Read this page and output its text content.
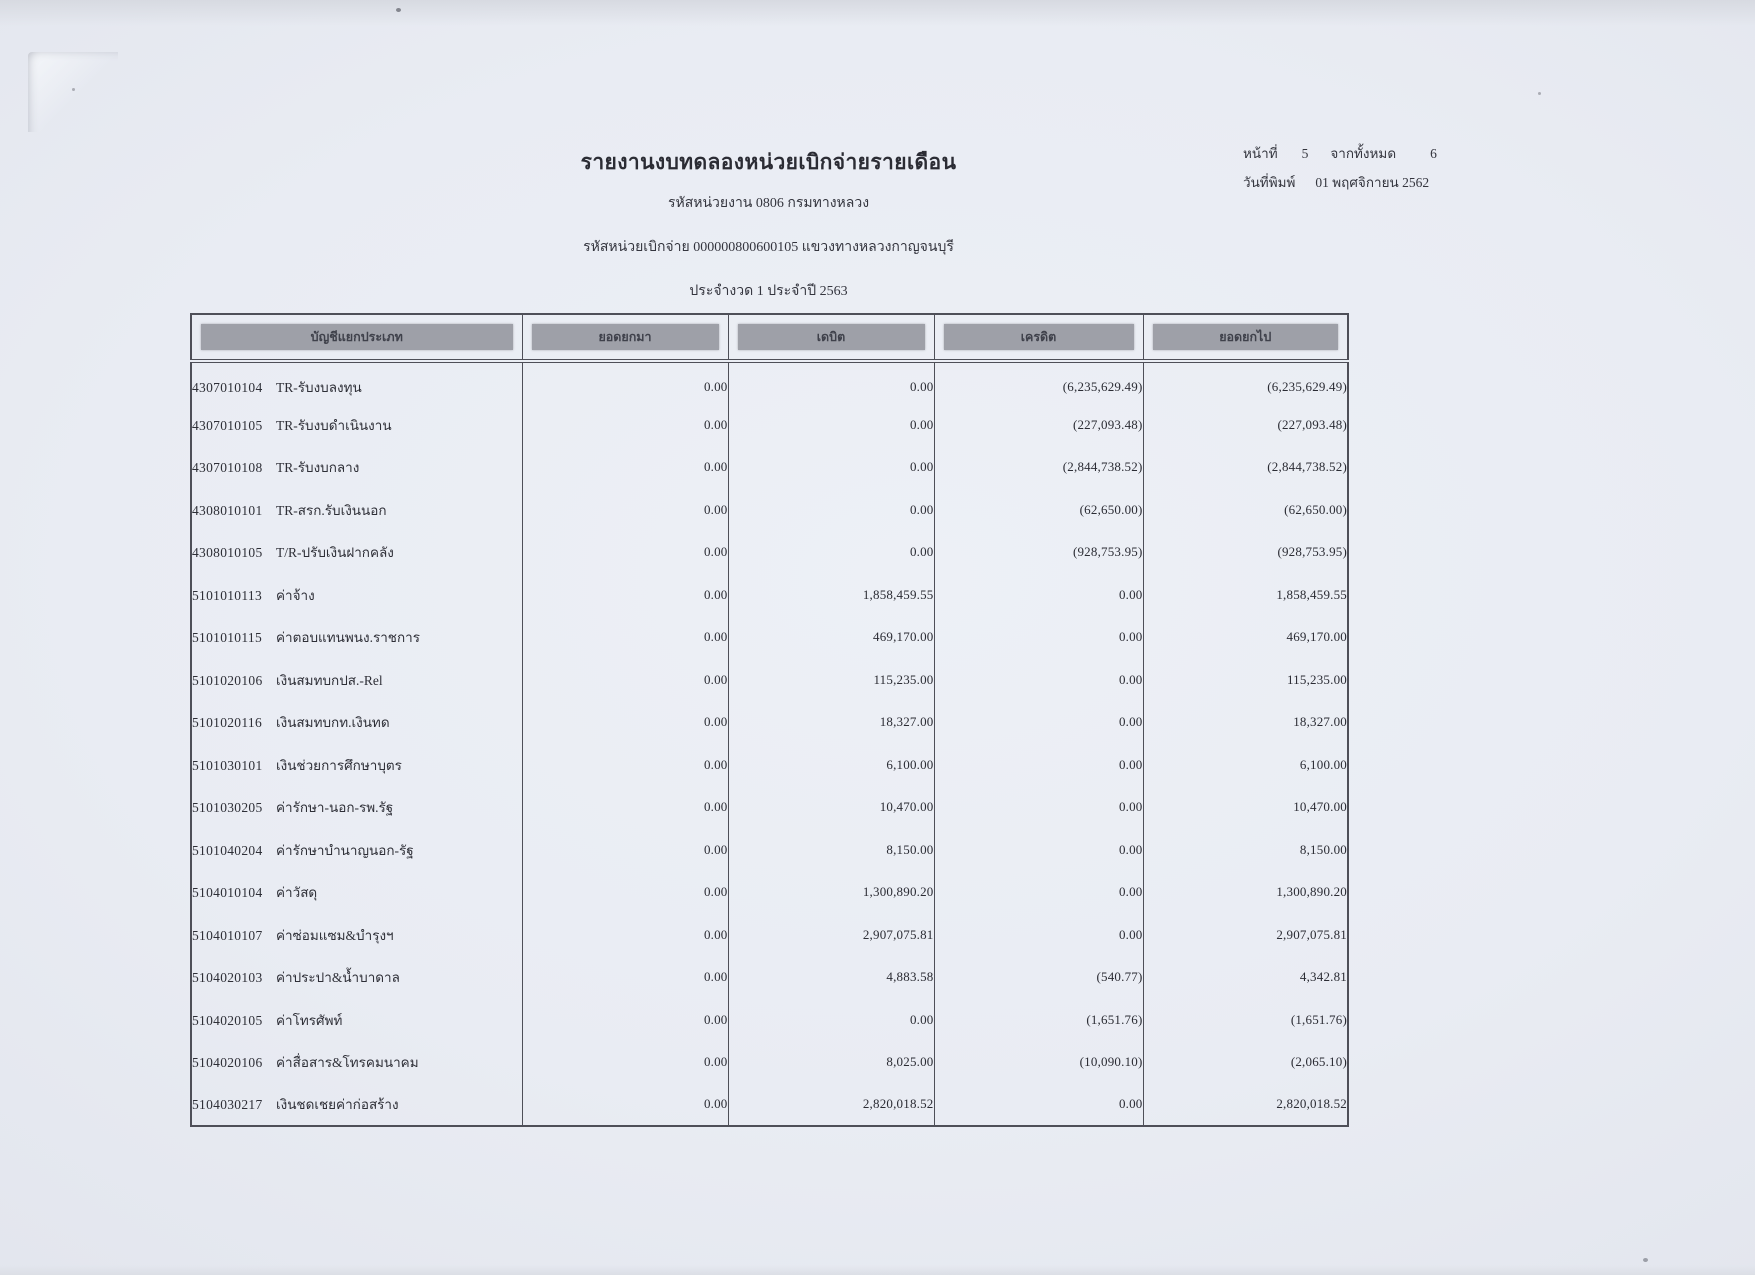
รายงานงบทดลองหน่วยเบิกจ่ายรายเดือน
รหัสหน่วยงาน 0806 กรมทางหลวง
รหัสหน่วยเบิกจ่าย 000000800600105 แขวงทางหลวงกาญจนบุรี
ประจำงวด 1 ประจำปี 2563
หน้าที่ 5 จากทั้งหมด	6
วันที่พิมพ์ 01 พฤศจิกายน 2562
บัญชีแยกประเภท	ยอดยกมา	เดบิต	เครดิต	ยอดยกไป

4307010104 TR-รับงบลงทุน	0.00	0.00	(6,235,629.49)	(6,235,629.49)
4307010105 TR-รับงบดำเนินงาน	0.00	0.00	(227,093.48)	(227,093.48)
4307010108 TR-รับงบกลาง	0.00	0.00	(2,844,738.52)	(2,844,738.52)
4308010101 TR-สรก.รับเงินนอก	0.00	0.00	(62,650.00)	(62,650.00)
4308010105 T/R-ปรับเงินฝากคลัง	0.00	0.00	(928,753.95)	(928,753.95)
5101010113 ค่าจ้าง	0.00	1,858,459.55	0.00	1,858,459.55
5101010115 ค่าตอบแทนพนง.ราชการ	0.00	469,170.00	0.00	469,170.00
5101020106 เงินสมทบกปส.-Rel	0.00	115,235.00	0.00	115,235.00
5101020116 เงินสมทบกท.เงินทด	0.00	18,327.00	0.00	18,327.00
5101030101 เงินช่วยการศึกษาบุตร	0.00	6,100.00	0.00	6,100.00
5101030205 ค่ารักษา-นอก-รพ.รัฐ	0.00	10,470.00	0.00	10,470.00
5101040204 ค่ารักษาบำนาญนอก-รัฐ	0.00	8,150.00	0.00	8,150.00
5104010104 ค่าวัสดุ	0.00	1,300,890.20	0.00	1,300,890.20
5104010107 ค่าซ่อมแซม&บำรุงฯ	0.00	2,907,075.81	0.00	2,907,075.81
5104020103 ค่าประปา&น้ำบาดาล	0.00	4,883.58	(540.77)	4,342.81
5104020105 ค่าโทรศัพท์	0.00	0.00	(1,651.76)	(1,651.76)
5104020106 ค่าสื่อสาร&โทรคมนาคม	0.00	8,025.00	(10,090.10)	(2,065.10)
5104030217 เงินชดเชยค่าก่อสร้าง	0.00	2,820,018.52	0.00	2,820,018.52
